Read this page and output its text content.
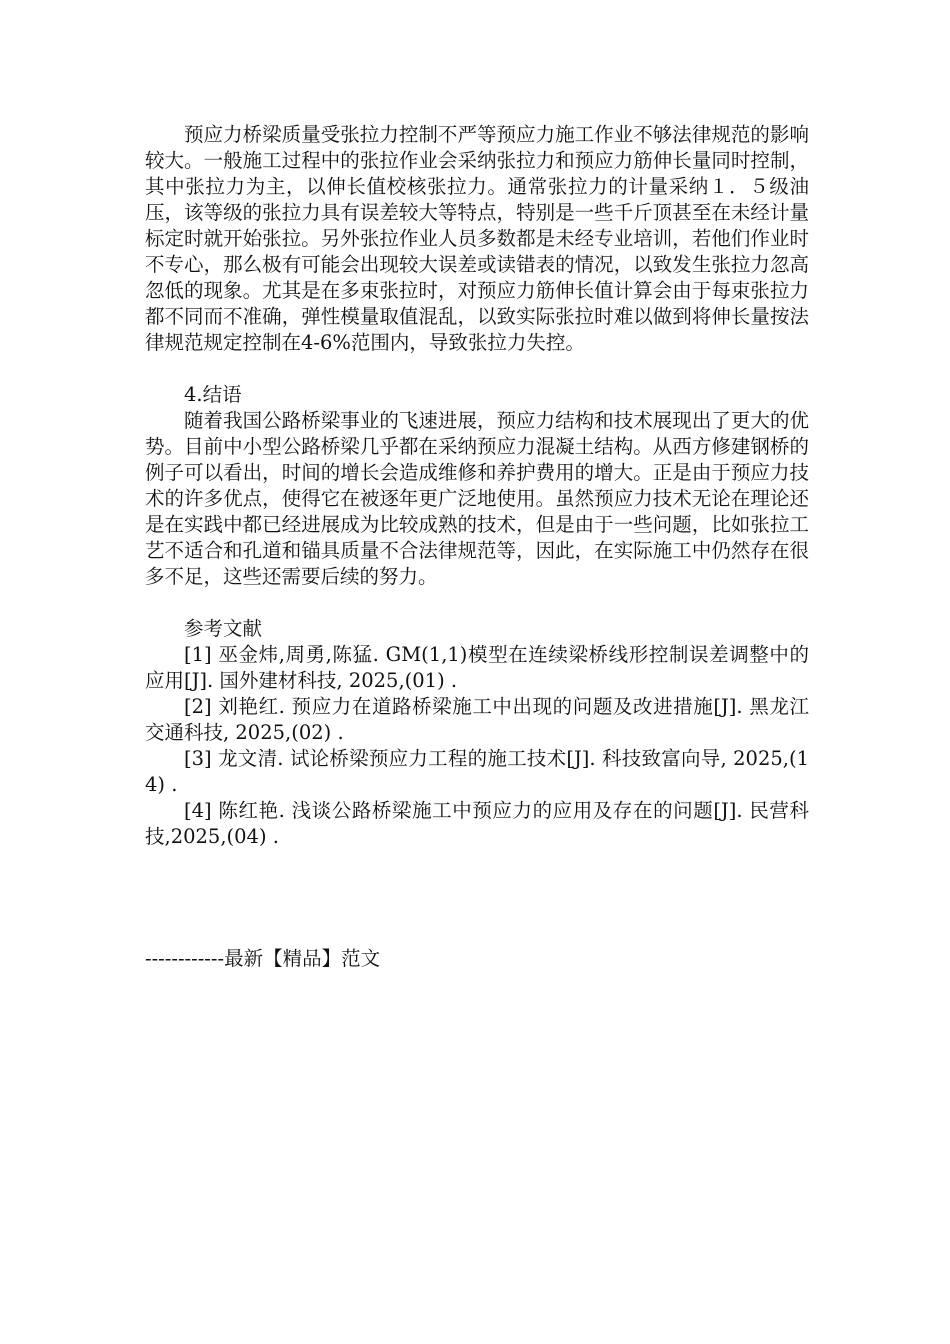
预应力桥梁质量受张拉力控制不严等预应力施工作业不够法律规范的影响较大。一般施工过程中的张拉作业会采纳张拉力和预应力筋伸长量同时控制，其中张拉力为主，以伸长值校核张拉力。通常张拉力的计量采纳１．５级油压，该等级的张拉力具有误差较大等特点，特别是一些千斤顶甚至在未经计量标定时就开始张拉。另外张拉作业人员多数都是未经专业培训，若他们作业时不专心，那么极有可能会出现较大误差或读错表的情况，以致发生张拉力忽高忽低的现象。尤其是在多束张拉时，对预应力筋伸长值计算会由于每束张拉力都不同而不准确，弹性模量取值混乱，以致实际张拉时难以做到将伸长量按法律规范规定控制在4-6%范围内，导致张拉力失控。

4.结语

随着我国公路桥梁事业的飞速进展，预应力结构和技术展现出了更大的优势。目前中小型公路桥梁几乎都在采纳预应力混凝土结构。从西方修建钢桥的例子可以看出，时间的增长会造成维修和养护费用的增大。正是由于预应力技术的许多优点，使得它在被逐年更广泛地使用。虽然预应力技术无论在理论还是在实践中都已经进展成为比较成熟的技术，但是由于一些问题，比如张拉工艺不适合和孔道和锚具质量不合法律规范等，因此，在实际施工中仍然存在很多不足，这些还需要后续的努力。

参考文献

[1] 巫金炜,周勇,陈猛. GM(1,1)模型在连续梁桥线形控制误差调整中的应用[J]. 国外建材科技, 2025,(01) .

[2] 刘艳红. 预应力在道路桥梁施工中出现的问题及改进措施[J]. 黑龙江交通科技, 2025,(02) .

[3] 龙文清. 试论桥梁预应力工程的施工技术[J]. 科技致富向导, 2025,(14) .

[4] 陈红艳. 浅谈公路桥梁施工中预应力的应用及存在的问题[J]. 民营科技,2025,(04) .

------------最新【精品】范文
